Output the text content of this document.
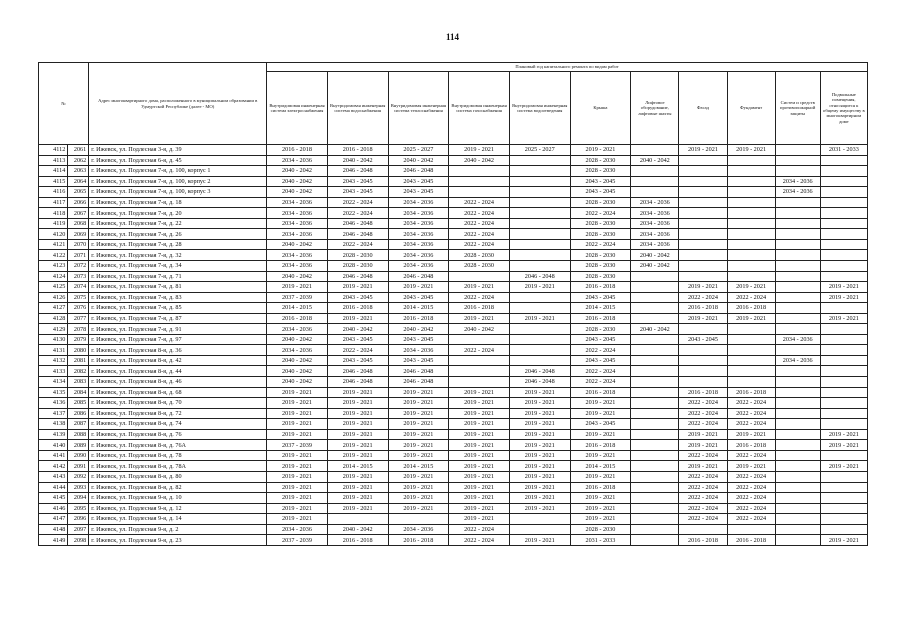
114
№		Адрес многоквартирного дома, расположенного в муниципальном образовании в Удмуртской Республике (далее - МО)	Плановый год капитального ремонта по видам работ										
			Внутридомовая инженерная система электроснабжения	Внутридомовая инженерная система водоснабжения	Внутридомовая инженерная система теплоснабжения	Внутридомовая инженерная система газоснабжения	Внутридомовая инженерная система водоотведения	Крыша	Лифтовое оборудование, лифтовые шахты	Фасад	Фундамент	Систем и средств противопожарной защиты	Подвальные помещения, относящиеся к общему имуществу в многоквартирном доме
4112	2061	г. Ижевск, ул. Подлесная 3-я, д. 39	2016 - 2018	2016 - 2018	2025 - 2027	2019 - 2021	2025 - 2027	2019 - 2021		2019 - 2021	2019 - 2021		2031 - 2033
4113	2062	г. Ижевск, ул. Подлесная 6-я, д. 45	2034 - 2036	2040 - 2042	2040 - 2042	2040 - 2042		2028 - 2030	2040 - 2042				
4114	2063	г. Ижевск, ул. Подлесная 7-я, д. 100, корпус 1	2040 - 2042	2046 - 2048	2046 - 2048			2028 - 2030					
4115	2064	г. Ижевск, ул. Подлесная 7-я, д. 100, корпус 2	2040 - 2042	2043 - 2045	2043 - 2045			2043 - 2045				2034 - 2036	
4116	2065	г. Ижевск, ул. Подлесная 7-я, д. 100, корпус 3	2040 - 2042	2043 - 2045	2043 - 2045			2043 - 2045				2034 - 2036	
4117	2066	г. Ижевск, ул. Подлесная 7-я, д. 18	2034 - 2036	2022 - 2024	2034 - 2036	2022 - 2024		2028 - 2030	2034 - 2036				
4118	2067	г. Ижевск, ул. Подлесная 7-я, д. 20	2034 - 2036	2022 - 2024	2034 - 2036	2022 - 2024		2022 - 2024	2034 - 2036				
4119	2068	г. Ижевск, ул. Подлесная 7-я, д. 22	2034 - 2036	2046 - 2048	2034 - 2036	2022 - 2024		2028 - 2030	2034 - 2036				
4120	2069	г. Ижевск, ул. Подлесная 7-я, д. 26	2034 - 2036	2046 - 2048	2034 - 2036	2022 - 2024		2028 - 2030	2034 - 2036				
4121	2070	г. Ижевск, ул. Подлесная 7-я, д. 28	2040 - 2042	2022 - 2024	2034 - 2036	2022 - 2024		2022 - 2024	2034 - 2036				
4122	2071	г. Ижевск, ул. Подлесная 7-я, д. 32	2034 - 2036	2028 - 2030	2034 - 2036	2028 - 2030		2028 - 2030	2040 - 2042				
4123	2072	г. Ижевск, ул. Подлесная 7-я, д. 34	2034 - 2036	2028 - 2030	2034 - 2036	2028 - 2030		2028 - 2030	2040 - 2042				
4124	2073	г. Ижевск, ул. Подлесная 7-я, д. 71	2040 - 2042	2046 - 2048	2046 - 2048		2046 - 2048	2028 - 2030					
4125	2074	г. Ижевск, ул. Подлесная 7-я, д. 81	2019 - 2021	2019 - 2021	2019 - 2021	2019 - 2021	2019 - 2021	2016 - 2018		2019 - 2021	2019 - 2021		2019 - 2021
4126	2075	г. Ижевск, ул. Подлесная 7-я, д. 83	2037 - 2039	2043 - 2045	2043 - 2045	2022 - 2024		2043 - 2045		2022 - 2024	2022 - 2024		2019 - 2021
4127	2076	г. Ижевск, ул. Подлесная 7-я, д. 85	2014 - 2015	2016 - 2018	2014 - 2015	2016 - 2018		2014 - 2015		2016 - 2018	2016 - 2018		
4128	2077	г. Ижевск, ул. Подлесная 7-я, д. 87	2016 - 2018	2019 - 2021	2016 - 2018	2019 - 2021	2019 - 2021	2016 - 2018		2019 - 2021	2019 - 2021		2019 - 2021
4129	2078	г. Ижевск, ул. Подлесная 7-я, д. 91	2034 - 2036	2040 - 2042	2040 - 2042	2040 - 2042		2028 - 2030	2040 - 2042				
4130	2079	г. Ижевск, ул. Подлесная 7-я, д. 97	2040 - 2042	2043 - 2045	2043 - 2045			2043 - 2045		2043 - 2045		2034 - 2036	
4131	2080	г. Ижевск, ул. Подлесная 8-я, д. 36	2034 - 2036	2022 - 2024	2034 - 2036	2022 - 2024		2022 - 2024					
4132	2081	г. Ижевск, ул. Подлесная 8-я, д. 42	2040 - 2042	2043 - 2045	2043 - 2045			2043 - 2045				2034 - 2036	
4133	2082	г. Ижевск, ул. Подлесная 8-я, д. 44	2040 - 2042	2046 - 2048	2046 - 2048		2046 - 2048	2022 - 2024					
4134	2083	г. Ижевск, ул. Подлесная 8-я, д. 46	2040 - 2042	2046 - 2048	2046 - 2048		2046 - 2048	2022 - 2024					
4135	2084	г. Ижевск, ул. Подлесная 8-я, д. 68	2019 - 2021	2019 - 2021	2019 - 2021	2019 - 2021	2019 - 2021	2016 - 2018		2016 - 2018	2016 - 2018		
4136	2085	г. Ижевск, ул. Подлесная 8-я, д. 70	2019 - 2021	2019 - 2021	2019 - 2021	2019 - 2021	2019 - 2021	2019 - 2021		2022 - 2024	2022 - 2024		
4137	2086	г. Ижевск, ул. Подлесная 8-я, д. 72	2019 - 2021	2019 - 2021	2019 - 2021	2019 - 2021	2019 - 2021	2019 - 2021		2022 - 2024	2022 - 2024		
4138	2087	г. Ижевск, ул. Подлесная 8-я, д. 74	2019 - 2021	2019 - 2021	2019 - 2021	2019 - 2021	2019 - 2021	2043 - 2045		2022 - 2024	2022 - 2024		
4139	2088	г. Ижевск, ул. Подлесная 8-я, д. 76	2019 - 2021	2019 - 2021	2019 - 2021	2019 - 2021	2019 - 2021	2019 - 2021		2019 - 2021	2019 - 2021		2019 - 2021
4140	2089	г. Ижевск, ул. Подлесная 8-я, д. 76А	2037 - 2039	2019 - 2021	2019 - 2021	2019 - 2021	2019 - 2021	2016 - 2018		2019 - 2021	2016 - 2018		2019 - 2021
4141	2090	г. Ижевск, ул. Подлесная 8-я, д. 78	2019 - 2021	2019 - 2021	2019 - 2021	2019 - 2021	2019 - 2021	2019 - 2021		2022 - 2024	2022 - 2024		
4142	2091	г. Ижевск, ул. Подлесная 8-я, д. 78А	2019 - 2021	2014 - 2015	2014 - 2015	2019 - 2021	2019 - 2021	2014 - 2015		2019 - 2021	2019 - 2021		2019 - 2021
4143	2092	г. Ижевск, ул. Подлесная 8-я, д. 80	2019 - 2021	2019 - 2021	2019 - 2021	2019 - 2021	2019 - 2021	2019 - 2021		2022 - 2024	2022 - 2024		
4144	2093	г. Ижевск, ул. Подлесная 8-я, д. 82	2019 - 2021	2019 - 2021	2019 - 2021	2019 - 2021	2019 - 2021	2016 - 2018		2022 - 2024	2022 - 2024		
4145	2094	г. Ижевск, ул. Подлесная 9-я, д. 10	2019 - 2021	2019 - 2021	2019 - 2021	2019 - 2021	2019 - 2021	2019 - 2021		2022 - 2024	2022 - 2024		
4146	2095	г. Ижевск, ул. Подлесная 9-я, д. 12	2019 - 2021	2019 - 2021	2019 - 2021	2019 - 2021	2019 - 2021	2019 - 2021		2022 - 2024	2022 - 2024		
4147	2096	г. Ижевск, ул. Подлесная 9-я, д. 14	2019 - 2021			2019 - 2021		2019 - 2021		2022 - 2024	2022 - 2024		
4148	2097	г. Ижевск, ул. Подлесная 9-я, д. 2	2034 - 2036	2040 - 2042	2034 - 2036	2022 - 2024		2028 - 2030					
4149	2098	г. Ижевск, ул. Подлесная 9-я, д. 23	2037 - 2039	2016 - 2018	2016 - 2018	2022 - 2024	2019 - 2021	2031 - 2033		2016 - 2018	2016 - 2018		2019 - 2021
